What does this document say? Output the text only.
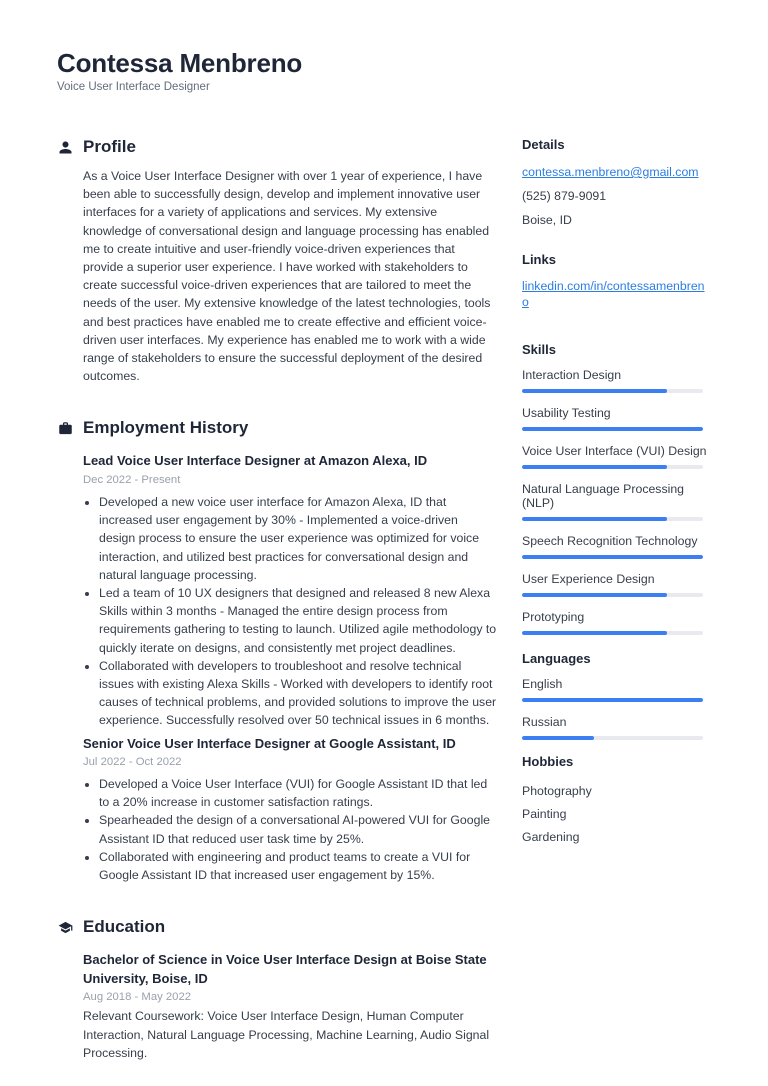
Contessa Menbreno
Voice User Interface Designer
Profile
As a Voice User Interface Designer with over 1 year of experience, I have been able to successfully design, develop and implement innovative user interfaces for a variety of applications and services. My extensive knowledge of conversational design and language processing has enabled me to create intuitive and user-friendly voice-driven experiences that provide a superior user experience. I have worked with stakeholders to create successful voice-driven experiences that are tailored to meet the needs of the user. My extensive knowledge of the latest technologies, tools and best practices have enabled me to create effective and efficient voice-driven user interfaces. My experience has enabled me to work with a wide range of stakeholders to ensure the successful deployment of the desired outcomes.
Employment History
Lead Voice User Interface Designer at Amazon Alexa, ID
Dec 2022 - Present
• Developed a new voice user interface for Amazon Alexa, ID that increased user engagement by 30% - Implemented a voice-driven design process to ensure the user experience was optimized for voice interaction, and utilized best practices for conversational design and natural language processing.
• Led a team of 10 UX designers that designed and released 8 new Alexa Skills within 3 months - Managed the entire design process from requirements gathering to testing to launch. Utilized agile methodology to quickly iterate on designs, and consistently met project deadlines.
• Collaborated with developers to troubleshoot and resolve technical issues with existing Alexa Skills - Worked with developers to identify root causes of technical problems, and provided solutions to improve the user experience. Successfully resolved over 50 technical issues in 6 months.
Senior Voice User Interface Designer at Google Assistant, ID
Jul 2022 - Oct 2022
• Developed a Voice User Interface (VUI) for Google Assistant ID that led to a 20% increase in customer satisfaction ratings.
• Spearheaded the design of a conversational AI-powered VUI for Google Assistant ID that reduced user task time by 25%.
• Collaborated with engineering and product teams to create a VUI for Google Assistant ID that increased user engagement by 15%.
Education
Bachelor of Science in Voice User Interface Design at Boise State University, Boise, ID
Aug 2018 - May 2022
Relevant Coursework: Voice User Interface Design, Human Computer Interaction, Natural Language Processing, Machine Learning, Audio Signal Processing.
Details
contessa.menbreno@gmail.com
(525) 879-9091
Boise, ID
Links
linkedin.com/in/contessamenbreno
Skills
Interaction Design
Usability Testing
Voice User Interface (VUI) Design
Natural Language Processing (NLP)
Speech Recognition Technology
User Experience Design
Prototyping
Languages
English
Russian
Hobbies
Photography
Painting
Gardening
